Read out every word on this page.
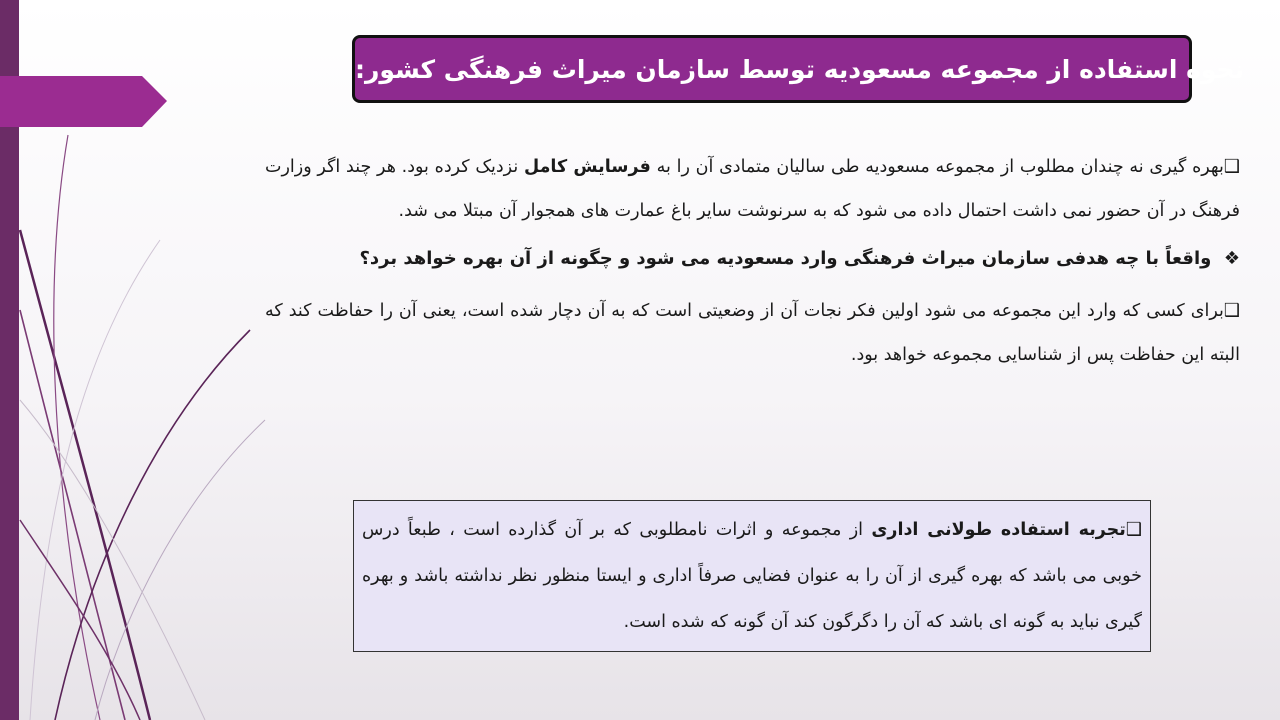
نحوه استفاده از مجموعه مسعودیه توسط سازمان میراث فرهنگی کشور:

❑بهره گیری نه چندان مطلوب از مجموعه مسعودیه طی سالیان متمادی آن را به فرسایش کامل نزدیک کرده بود. هر چند اگر وزارت فرهنگ در آن حضور نمی داشت احتمال داده می شود که به سرنوشت سایر باغ عمارت های همجوار آن مبتلا می شد.

❖  واقعاً با چه هدفی سازمان میراث فرهنگی وارد مسعودیه می شود و چگونه از آن بهره خواهد برد؟

❑برای کسی که وارد این مجموعه می شود اولین فکر نجات آن از وضعیتی است که به آن دچار شده است، یعنی آن را حفاظت کند که البته این حفاظت پس از شناسایی مجموعه خواهد بود.

❑تجربه استفاده طولانی اداری از مجموعه و اثرات نامطلوبی که بر آن گذارده است ، طبعاً درس خوبی می باشد که بهره گیری از آن را به عنوان فضایی صرفاً اداری و ایستا منظور نظر نداشته باشد و بهره گیری نباید به گونه ای باشد که آن را دگرگون کند آن گونه که شده است.
